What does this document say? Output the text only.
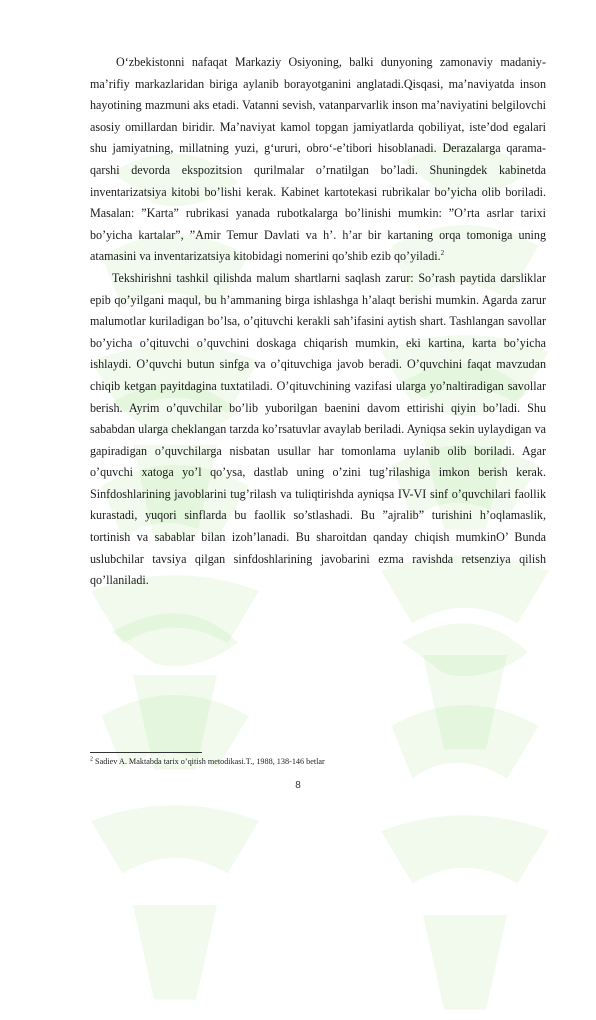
O‘zbekistonni nafaqat Markaziy Osiyoning, balki dunyoning zamonaviy madaniy-ma’rifiy markazlaridan biriga aylanib borayotganini anglatadi.Qisqasi, ma’naviyatda inson hayotining mazmuni aks etadi. Vatanni sevish, vatanparvarlik inson ma’naviyatini belgilovchi asosiy omillardan biridir. Ma’naviyat kamol topgan jamiyatlarda qobiliyat, iste’dod egalari shu jamiyatning, millatning yuzi, g‘ururi, obro‘-e’tibori hisoblanadi. Derazalarga qarama-qarshi devorda ekspozitsion qurilmalar o’rnatilgan bo’ladi. Shuningdek kabinetda inventarizatsiya kitobi bo’lishi kerak. Kabinet kartotekasi rubrikalar bo’yicha olib boriladi. Masalan: ”Karta” rubrikasi yanada rubotkalarga bo’linishi mumkin: ”O’rta asrlar tarixi bo’yicha kartalar”, ”Amir Temur Davlati va h’. h’ar bir kartaning orqa tomoniga uning atamasini va inventarizatsiya kitobidagi nomerini qo’shib ezib qo’yiladi.$^2$

Tekshirishni tashkil qilishda malum shartlarni saqlash zarur: So’rash paytida darsliklar epib qo’yilgani maqul, bu h’ammaning birga ishlashga h’alaqt berishi mumkin. Agarda zarur malumotlar kuriladigan bo’lsa, o’qituvchi kerakli sah’ifasini aytish shart. Tashlangan savollar bo’yicha o’qituvchi o’quvchini doskaga chiqarish mumkin, eki kartina, karta bo’yicha ishlaydi. O’quvchi butun sinfga va o’qituvchiga javob beradi. O’quvchini faqat mavzudan chiqib ketgan payitdagina tuxtatiladi. O’qituvchining vazifasi ularga yo’naltiradigan savollar berish. Ayrim o’quvchilar bo’lib yuborilgan baenini davom ettirishi qiyin bo’ladi. Shu sababdan ularga cheklangan tarzda ko’rsatuvlar avaylab beriladi. Ayniqsa sekin uylaydigan va gapiradigan o’quvchilarga nisbatan usullar har tomonlama uylanib olib boriladi. Agar o’quvchi xatoga yo’l qo’ysa, dastlab uning o’zini tug’rilashiga imkon berish kerak. Sinfdoshlarining javoblarini tug’rilash va tuliqtirishda ayniqsa IV-VI sinf o’quvchilari faollik kurastadi, yuqori sinflarda bu faollik so’stlashadi. Bu ”ajralib” turishini h’oqlamaslik, tortinish va sabablar bilan izoh’lanadi. Bu sharoitdan qanday chiqish mumkinO’ Bunda uslubchilar tavsiya qilgan sinfdoshlarining javobarini ezma ravishda retsenziya qilish qo’llaniladi.

$^2$ Sadiev A. Maktabda tarix o’qitish metodikasi.T., 1988, 138-146 betlar
8
